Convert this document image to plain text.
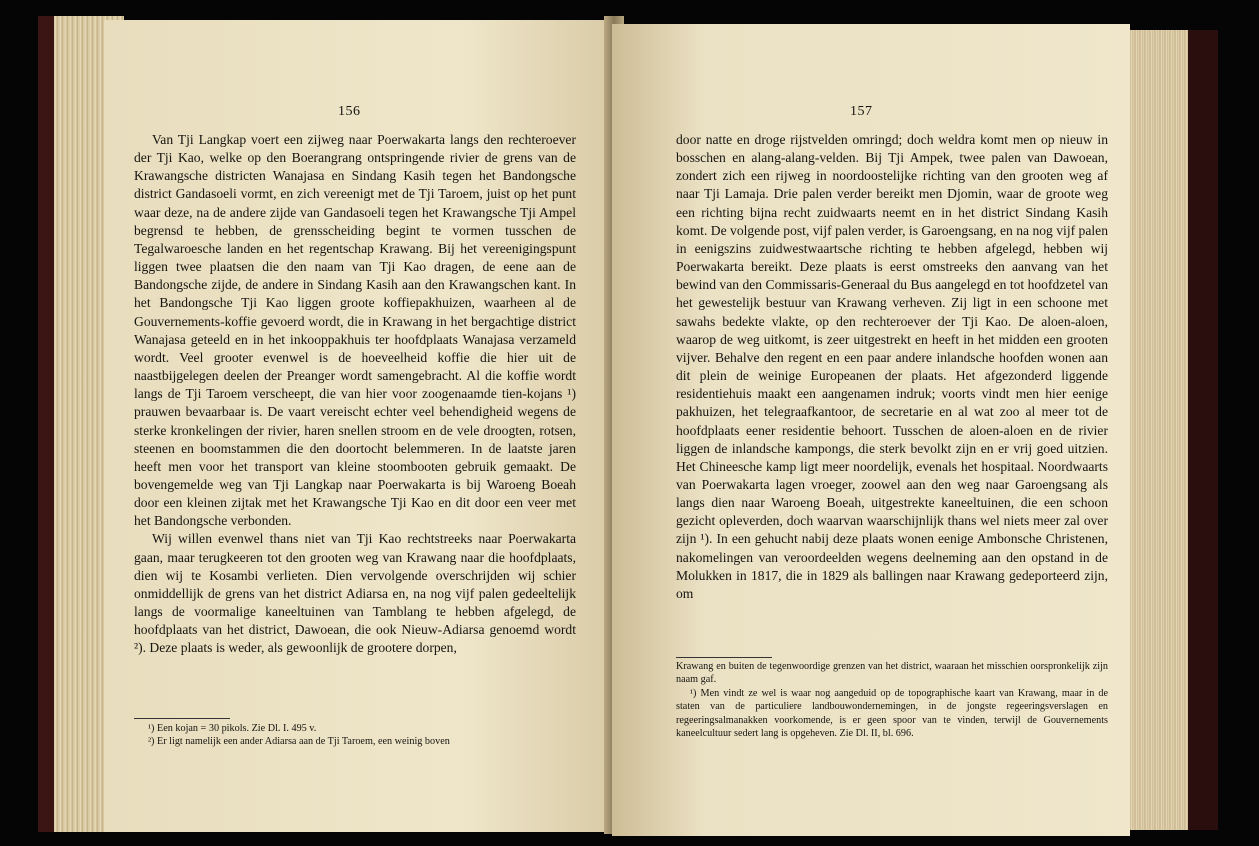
156
Van Tji Langkap voert een zijweg naar Poerwakarta langs den rechteroever der Tji Kao, welke op den Boerangrang ontspringende rivier de grens van de Krawangsche districten Wanajasa en Sindang Kasih tegen het Bandongsche district Gandasoeli vormt, en zich vereenigt met de Tji Taroem, juist op het punt waar deze, na de andere zijde van Gandasoeli tegen het Krawangsche Tji Ampel begrensd te hebben, de grensscheiding begint te vormen tusschen de Tegalwaroesche landen en het regentschap Krawang. Bij het vereenigingspunt liggen twee plaatsen die den naam van Tji Kao dragen, de eene aan de Bandongsche zijde, de andere in Sindang Kasih aan den Krawangschen kant. In het Bandongsche Tji Kao liggen groote koffiepakhuizen, waarheen al de Gouvernements-koffie gevoerd wordt, die in Krawang in het bergachtige district Wanajasa geteeld en in het inkooppakhuis ter hoofdplaats Wanajasa verzameld wordt. Veel grooter evenwel is de hoeveelheid koffie die hier uit de naastbijgelegen deelen der Preanger wordt samengebracht. Al die koffie wordt langs de Tji Taroem verscheept, die van hier voor zoogenaamde tien-kojans ¹) prauwen bevaarbaar is. De vaart vereischt echter veel behendigheid wegens de sterke kronkelingen der rivier, haren snellen stroom en de vele droogten, rotsen, steenen en boomstammen die den doortocht belemmeren. In de laatste jaren heeft men voor het transport van kleine stoombooten gebruik gemaakt. De bovengemelde weg van Tji Langkap naar Poerwakarta is bij Waroeng Boeah door een kleinen zijtak met het Krawangsche Tji Kao en dit door een veer met het Bandongsche verbonden.
Wij willen evenwel thans niet van Tji Kao rechtstreeks naar Poerwakarta gaan, maar terugkeeren tot den grooten weg van Krawang naar die hoofdplaats, dien wij te Kosambi verlieten. Dien vervolgende overschrijden wij schier onmiddellijk de grens van het district Adiarsa en, na nog vijf palen gedeeltelijk langs de voormalige kaneeltuinen van Tamblang te hebben afgelegd, de hoofdplaats van het district, Dawoean, die ook Nieuw-Adiarsa genoemd wordt ²). Deze plaats is weder, als gewoonlijk de grootere dorpen,

¹) Een kojan = 30 pikols. Zie Dl. I. 495 v.

²) Er ligt namelijk een ander Adiarsa aan de Tji Taroem, een weinig boven

157
door natte en droge rijstvelden omringd; doch weldra komt men op nieuw in bosschen en alang-alang-velden. Bij Tji Ampek, twee palen van Dawoean, zondert zich een rijweg in noordoostelijke richting van den grooten weg af naar Tji Lamaja. Drie palen verder bereikt men Djomin, waar de groote weg een richting bijna recht zuidwaarts neemt en in het district Sindang Kasih komt. De volgende post, vijf palen verder, is Garoengsang, en na nog vijf palen in eenigszins zuidwestwaartsche richting te hebben afgelegd, hebben wij Poerwakarta bereikt. Deze plaats is eerst omstreeks den aanvang van het bewind van den Commissaris-Generaal du Bus aangelegd en tot hoofdzetel van het gewestelijk bestuur van Krawang verheven. Zij ligt in een schoone met sawahs bedekte vlakte, op den rechteroever der Tji Kao. De aloen-aloen, waarop de weg uitkomt, is zeer uitgestrekt en heeft in het midden een grooten vijver. Behalve den regent en een paar andere inlandsche hoofden wonen aan dit plein de weinige Europeanen der plaats. Het afgezonderd liggende residentiehuis maakt een aangenamen indruk; voorts vindt men hier eenige pakhuizen, het telegraafkantoor, de secretarie en al wat zoo al meer tot de hoofdplaats eener residentie behoort. Tusschen de aloen-aloen en de rivier liggen de inlandsche kampongs, die sterk bevolkt zijn en er vrij goed uitzien. Het Chineesche kamp ligt meer noordelijk, evenals het hospitaal. Noordwaarts van Poerwakarta lagen vroeger, zoowel aan den weg naar Garoengsang als langs dien naar Waroeng Boeah, uitgestrekte kaneeltuinen, die een schoon gezicht opleverden, doch waarvan waarschijnlijk thans wel niets meer zal over zijn ¹). In een gehucht nabij deze plaats wonen eenige Ambonsche Christenen, nakomelingen van veroordeelden wegens deelneming aan den opstand in de Molukken in 1817, die in 1829 als ballingen naar Krawang gedeporteerd zijn, om

Krawang en buiten de tegenwoordige grenzen van het district, waaraan het misschien oorspronkelijk zijn naam gaf.

¹) Men vindt ze wel is waar nog aangeduid op de topographische kaart van Krawang, maar in de staten van de particuliere landbouwondernemingen, in de jongste regeeringsverslagen en regeeringsalmanakken voorkomende, is er geen spoor van te vinden, terwijl de Gouvernements kaneelcultuur sedert lang is opgeheven. Zie Dl. II, bl. 696.
